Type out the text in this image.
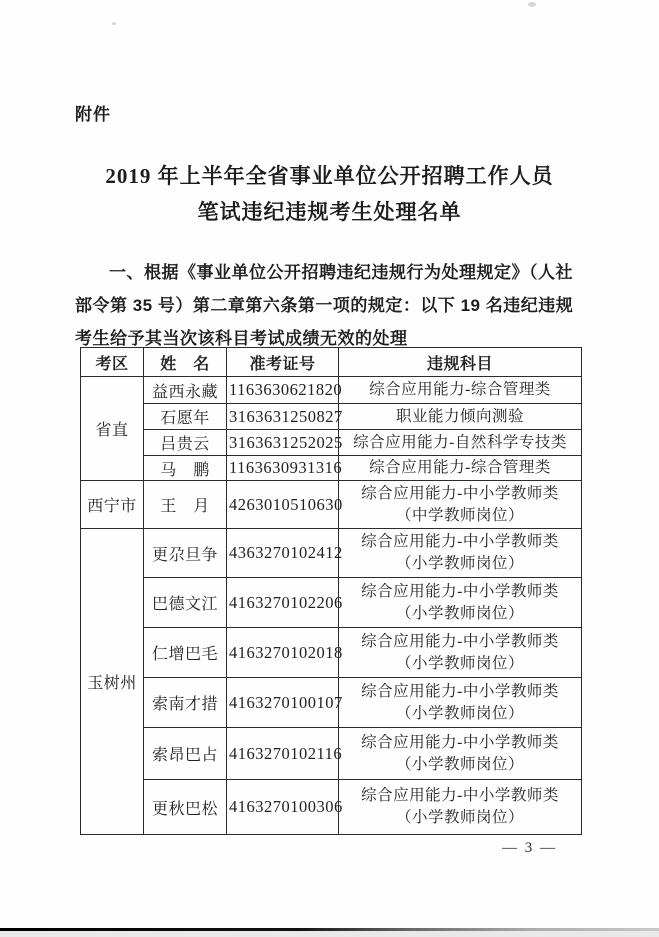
附件
2019 年上半年全省事业单位公开招聘工作人员
笔试违纪违规考生处理名单
一、根据《事业单位公开招聘违纪违规行为处理规定》（人社
部令第 35 号）第二章第六条第一项的规定：以下 19 名违纪违规
考生给予其当次该科目考试成绩无效的处理
考区	姓　名	准考证号	违规科目
省直	益西永藏	1163630621820	综合应用能力-综合管理类

	石愿年	3163631250827	职业能力倾向测验

	吕贵云	3163631252025	综合应用能力-自然科学专技类

	马　鹏	1163630931316	综合应用能力-综合管理类

西宁市	王　月	4263010510630	综合应用能力-中小学教师类
（中学教师岗位）

玉树州	更尕旦争	4363270102412	综合应用能力-中小学教师类
（小学教师岗位）

	巴德文江	4163270102206	综合应用能力-中小学教师类
（小学教师岗位）

	仁增巴毛	4163270102018	综合应用能力-中小学教师类
（小学教师岗位）

	索南才措	4163270100107	综合应用能力-中小学教师类
（小学教师岗位）

	索昂巴占	4163270102116	综合应用能力-中小学教师类
（小学教师岗位）

	更秋巴松	4163270100306	综合应用能力-中小学教师类
（小学教师岗位）
— 3 —
